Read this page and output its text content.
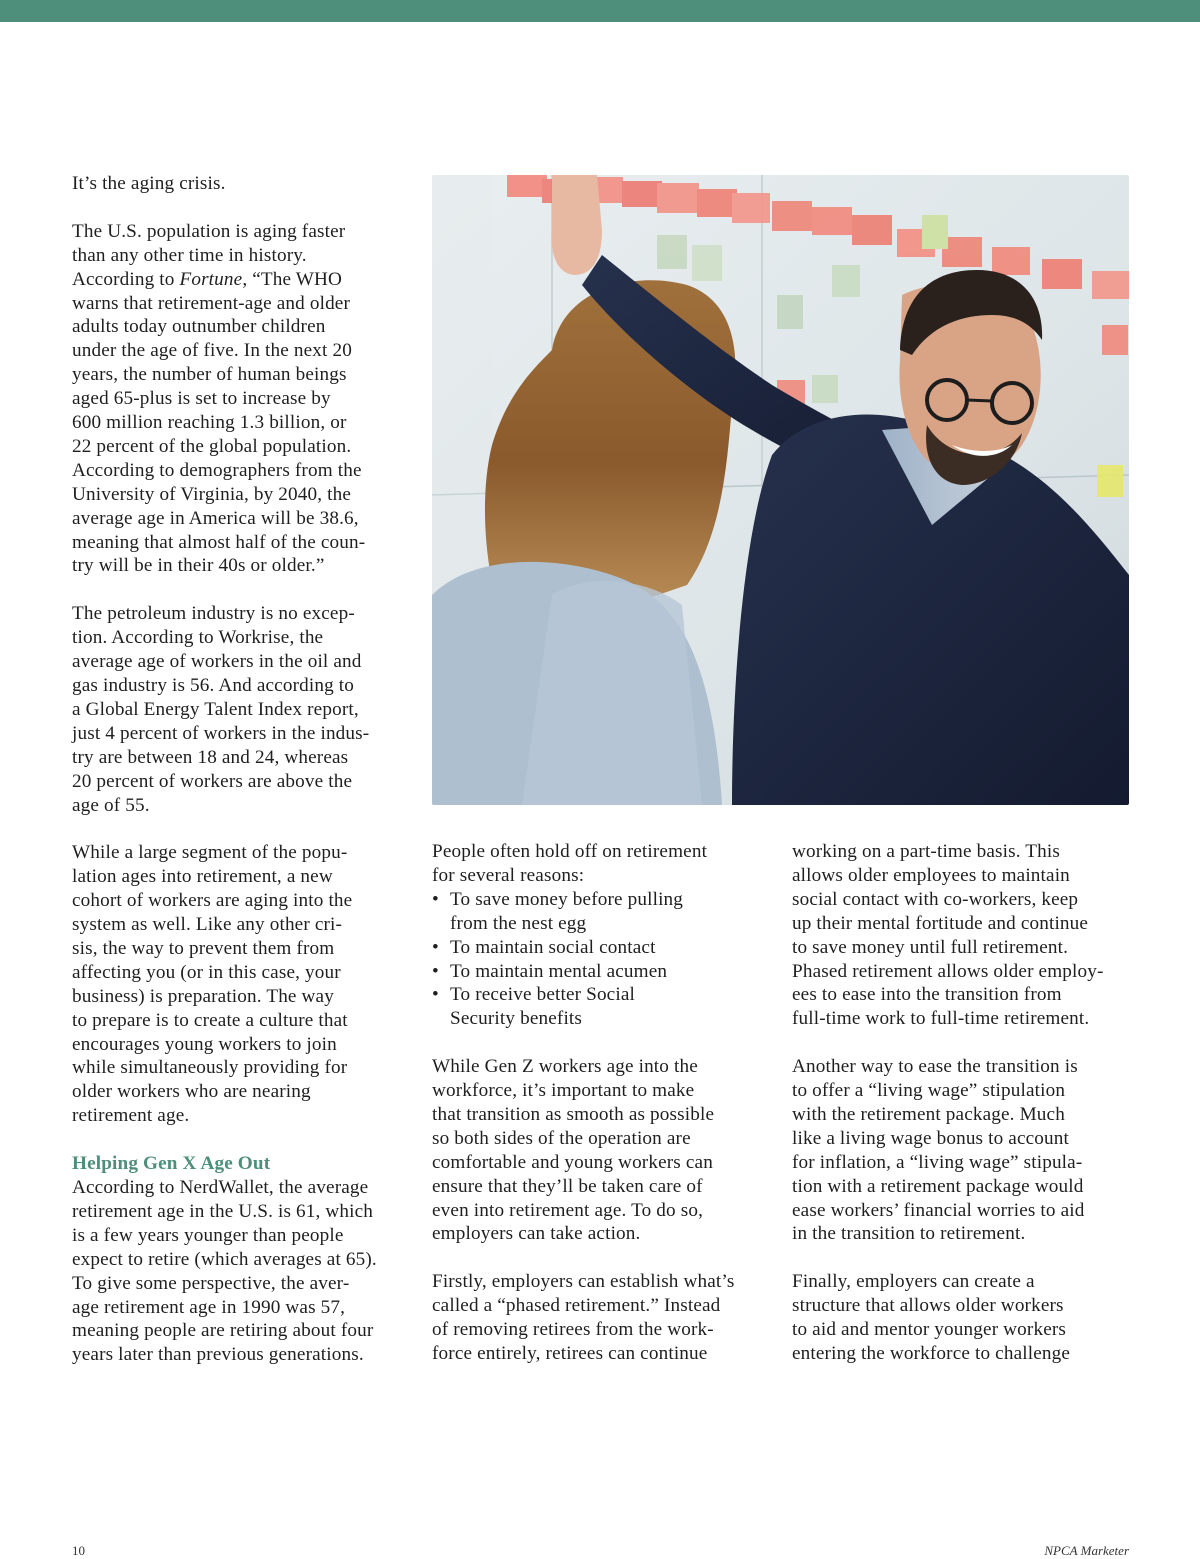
It’s the aging crisis.

The U.S. population is aging faster
than any other time in history.
According to Fortune, “The WHO
warns that retirement-age and older
adults today outnumber children
under the age of five. In the next 20
years, the number of human beings
aged 65-plus is set to increase by
600 million reaching 1.3 billion, or
22 percent of the global population.
According to demographers from the
University of Virginia, by 2040, the
average age in America will be 38.6,
meaning that almost half of the coun-
try will be in their 40s or older.”

The petroleum industry is no excep-
tion. According to Workrise, the
average age of workers in the oil and
gas industry is 56. And according to
a Global Energy Talent Index report,
just 4 percent of workers in the indus-
try are between 18 and 24, whereas
20 percent of workers are above the
age of 55.

While a large segment of the popu-
lation ages into retirement, a new
cohort of workers are aging into the
system as well. Like any other cri-
sis, the way to prevent them from
affecting you (or in this case, your
business) is preparation. The way
to prepare is to create a culture that
encourages young workers to join
while simultaneously providing for
older workers who are nearing
retirement age.

Helping Gen X Age Out

According to NerdWallet, the average
retirement age in the U.S. is 61, which
is a few years younger than people
expect to retire (which averages at 65).
To give some perspective, the aver-
age retirement age in 1990 was 57,
meaning people are retiring about four
years later than previous generations.

People often hold off on retirement
for several reasons:

• To save money before pulling
from the nest egg
• To maintain social contact
• To maintain mental acumen
• To receive better Social
Security benefits

While Gen Z workers age into the
workforce, it’s important to make
that transition as smooth as possible
so both sides of the operation are
comfortable and young workers can
ensure that they’ll be taken care of
even into retirement age. To do so,
employers can take action.

Firstly, employers can establish what’s
called a “phased retirement.” Instead
of removing retirees from the work-
force entirely, retirees can continue

working on a part-time basis. This
allows older employees to maintain
social contact with co-workers, keep
up their mental fortitude and continue
to save money until full retirement.
Phased retirement allows older employ-
ees to ease into the transition from
full-time work to full-time retirement.

Another way to ease the transition is
to offer a “living wage” stipulation
with the retirement package. Much
like a living wage bonus to account
for inflation, a “living wage” stipula-
tion with a retirement package would
ease workers’ financial worries to aid
in the transition to retirement.

Finally, employers can create a
structure that allows older workers
to aid and mentor younger workers
entering the workforce to challenge

10	NPCA Marketer
